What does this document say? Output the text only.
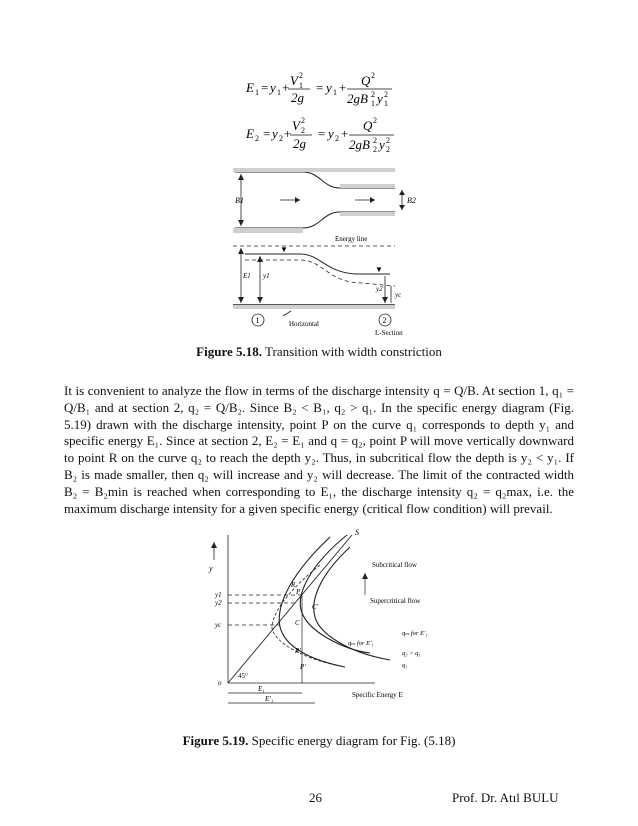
E 1 = y 1 + V 1
2
2g
= y 1 + Q 2
2gB 1
2 y 1
2
E 2 = y 2 +
V 2
2
2g
= y 2 +
Q 2
2gB 2
2 y 2
2
B1	B2
Energy line
▼
▼
E1 y1
y2
yc
1	2
Horizontal
L-Section
Figure 5.18. Transition with width constriction
It is convenient to analyze the flow in terms of the discharge intensity q = Q/B. At section 1, q₁ = Q/B₁ and at section 2, q₂ = Q/B₂. Since B₂ < B₁, q₂ > q₁. In the specific energy diagram (Fig. 5.19) drawn with the discharge intensity, point P on the curve q₁ corresponds to depth y₁ and specific energy E₁. Since at section 2, E₂ = E₁ and q = q₂, point P will move vertically downward to point R on the curve q₂ to reach the depth y₂. Thus, in subcritical flow the depth is y₂ < y₁. If B₂ is made smaller, then q₂ will increase and y₂ will decrease. The limit of the contracted width B₂ = B₂min is reached when corresponding to E₁, the discharge intensity q₂ = q₂max, i.e. the maximum discharge intensity for a given specific energy (critical flow condition) will prevail.
S
y
y1
y2
yc
o
45°
R
P
C'
C
R'
P'
Subcritical flow
Supercritical flow
qₘ for E'₁
qₘ for E'₁
q₂ > q₁
q₁
E₁
E'₁	Specific Energy E
Figure 5.19. Specific energy diagram for Fig. (5.18)
26	Prof. Dr. Atıl BULU
